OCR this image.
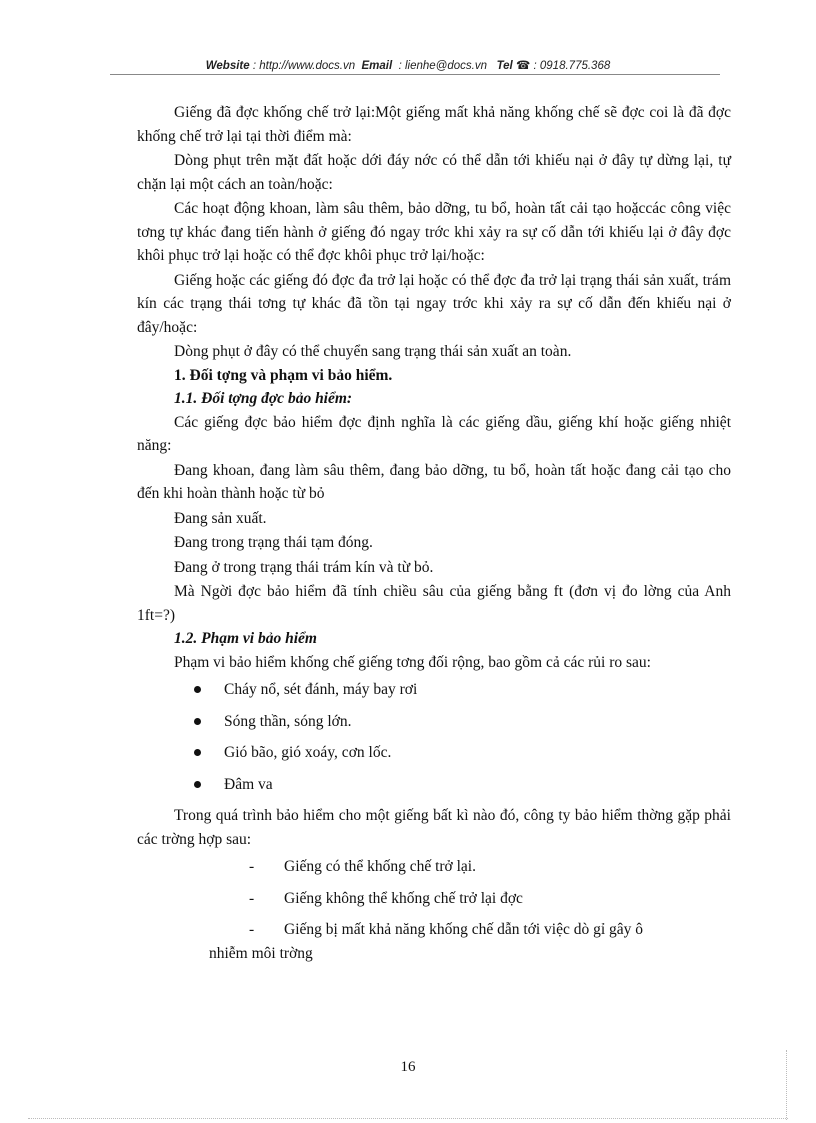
Website : http://www.docs.vn Email : lienhe@docs.vn Tel ☎ : 0918.775.368

Giếng đã đợc khống chế trở lại:Một giếng mất khả năng khống chế sẽ đợc coi là đã đợc khống chế trở lại tại thời điểm mà:

Dòng phụt trên mặt đất hoặc dới đáy nớc có thể dẫn tới khiếu nại ở đây tự dừng lại, tự chặn lại một cách an toàn/hoặc:

Các hoạt động khoan, làm sâu thêm, bảo dỡng, tu bổ, hoàn tất cải tạo hoặccác công việc tơng tự khác đang tiến hành ở giếng đó ngay trớc khi xảy ra sự cố dẫn tới khiếu lại ở đây đợc khôi phục trở lại hoặc có thể đợc khôi phục trở lại/hoặc:

Giếng hoặc các giếng đó đợc đa trở lại hoặc có thể đợc đa trở lại trạng thái sản xuất, trám kín các trạng thái tơng tự khác đã tồn tại ngay trớc khi xảy ra sự cố dẫn đến khiếu nại ở đây/hoặc:

Dòng phụt ở đây có thể chuyển sang trạng thái sản xuất an toàn.

1. Đối tợng và phạm vi bảo hiểm.

1.1. Đối tợng đợc bảo hiểm:

Các giếng đợc bảo hiểm đợc định nghĩa là các giếng dầu, giếng khí hoặc giếng nhiệt năng:

Đang khoan, đang làm sâu thêm, đang bảo dỡng, tu bổ, hoàn tất hoặc đang cải tạo cho đến khi hoàn thành hoặc từ bỏ

Đang sản xuất.

Đang trong trạng thái tạm đóng.

Đang ở trong trạng thái trám kín và từ bỏ.

Mà Ngời đợc bảo hiểm đã tính chiều sâu của giếng bằng ft (đơn vị đo lờng của Anh 1ft=?)

1.2. Phạm vi bảo hiểm

Phạm vi bảo hiểm khống chế giếng tơng đối rộng, bao gồm cả các rủi ro sau:

Cháy nổ, sét đánh, máy bay rơi
Sóng thần, sóng lớn.
Gió bão, gió xoáy, cơn lốc.
Đâm va

Trong quá trình bảo hiểm cho một giếng bất kì nào đó, công ty bảo hiểm thờng gặp phải các trờng hợp sau:

- Giếng có thể khống chế trở lại.
- Giếng không thể khống chế trở lại đợc
- Giếng bị mất khả năng khống chế dẫn tới việc dò gỉ gây ô
nhiễm môi trờng
16
